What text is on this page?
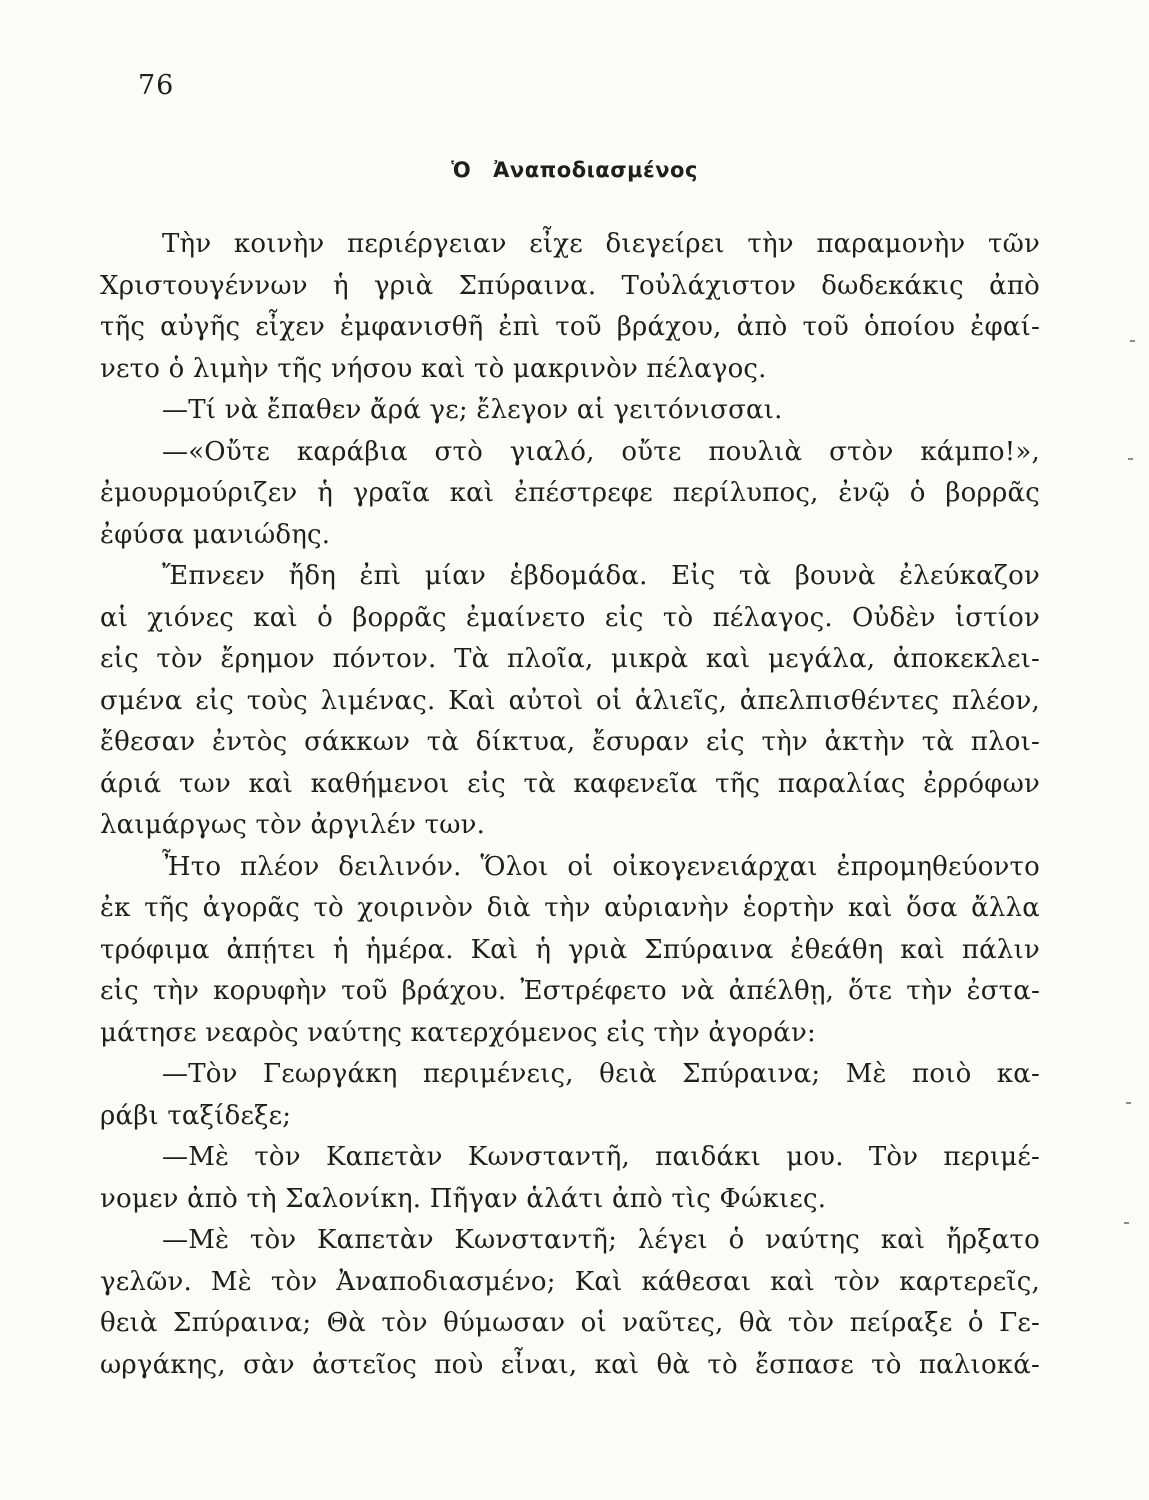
76
Ὁ Ἀναποδιασμένος
Τὴν κοινὴν περιέργειαν εἶχε διεγείρει τὴν παραμονὴν τῶν
Χριστουγέννων ἡ γριὰ Σπύραινα. Τοὐλάχιστον δωδεκάκις ἀπὸ
τῆς αὐγῆς εἶχεν ἐμφανισθῆ ἐπὶ τοῦ βράχου, ἀπὸ τοῦ ὁποίου ἐφαί-
νετο ὁ λιμὴν τῆς νήσου καὶ τὸ μακρινὸν πέλαγος.
—Τί νὰ ἔπαθεν ἄρά γε; ἔλεγον αἱ γειτόνισσαι.
—«Οὔτε καράβια στὸ γιαλό, οὔτε πουλιὰ στὸν κάμπο!»,
ἐμουρμούριζεν ἡ γραῖα καὶ ἐπέστρεφε περίλυπος, ἐνῷ ὁ βορρᾶς
ἐφύσα μανιώδης.
Ἔπνεεν ἤδη ἐπὶ μίαν ἑβδομάδα. Εἰς τὰ βουνὰ ἐλεύκαζον
αἱ χιόνες καὶ ὁ βορρᾶς ἐμαίνετο εἰς τὸ πέλαγος. Οὐδὲν ἱστίον
εἰς τὸν ἔρημον πόντον. Τὰ πλοῖα, μικρὰ καὶ μεγάλα, ἀποκεκλει-
σμένα εἰς τοὺς λιμένας. Καὶ αὐτοὶ οἱ ἁλιεῖς, ἀπελπισθέντες πλέον,
ἔθεσαν ἐντὸς σάκκων τὰ δίκτυα, ἔσυραν εἰς τὴν ἀκτὴν τὰ πλοι-
άριά των καὶ καθήμενοι εἰς τὰ καφενεῖα τῆς παραλίας ἐρρόφων
λαιμάργως τὸν ἀργιλέν των.
Ἦτο πλέον δειλινόν. Ὅλοι οἱ οἰκογενειάρχαι ἐπρομηθεύοντο
ἐκ τῆς ἀγορᾶς τὸ χοιρινὸν διὰ τὴν αὐριανὴν ἑορτὴν καὶ ὅσα ἄλλα
τρόφιμα ἀπῄτει ἡ ἡμέρα. Καὶ ἡ γριὰ Σπύραινα ἐθεάθη καὶ πάλιν
εἰς τὴν κορυφὴν τοῦ βράχου. Ἐστρέφετο νὰ ἀπέλθῃ, ὅτε τὴν ἐστα-
μάτησε νεαρὸς ναύτης κατερχόμενος εἰς τὴν ἀγοράν:
—Τὸν Γεωργάκη περιμένεις, θειὰ Σπύραινα; Μὲ ποιὸ κα-
ράβι ταξίδεξε;
—Μὲ τὸν Καπετὰν Κωνσταντῆ, παιδάκι μου. Τὸν περιμέ-
νομεν ἀπὸ τὴ Σαλονίκη. Πῆγαν ἁλάτι ἀπὸ τὶς Φώκιες.
—Μὲ τὸν Καπετὰν Κωνσταντῆ; λέγει ὁ ναύτης καὶ ἤρξατο
γελῶν. Μὲ τὸν Ἀναποδιασμένο; Καὶ κάθεσαι καὶ τὸν καρτερεῖς,
θειὰ Σπύραινα; Θὰ τὸν θύμωσαν οἱ ναῦτες, θὰ τὸν πείραξε ὁ Γε-
ωργάκης, σὰν ἀστεῖος ποὺ εἶναι, καὶ θὰ τὸ ἔσπασε τὸ παλιοκά-
